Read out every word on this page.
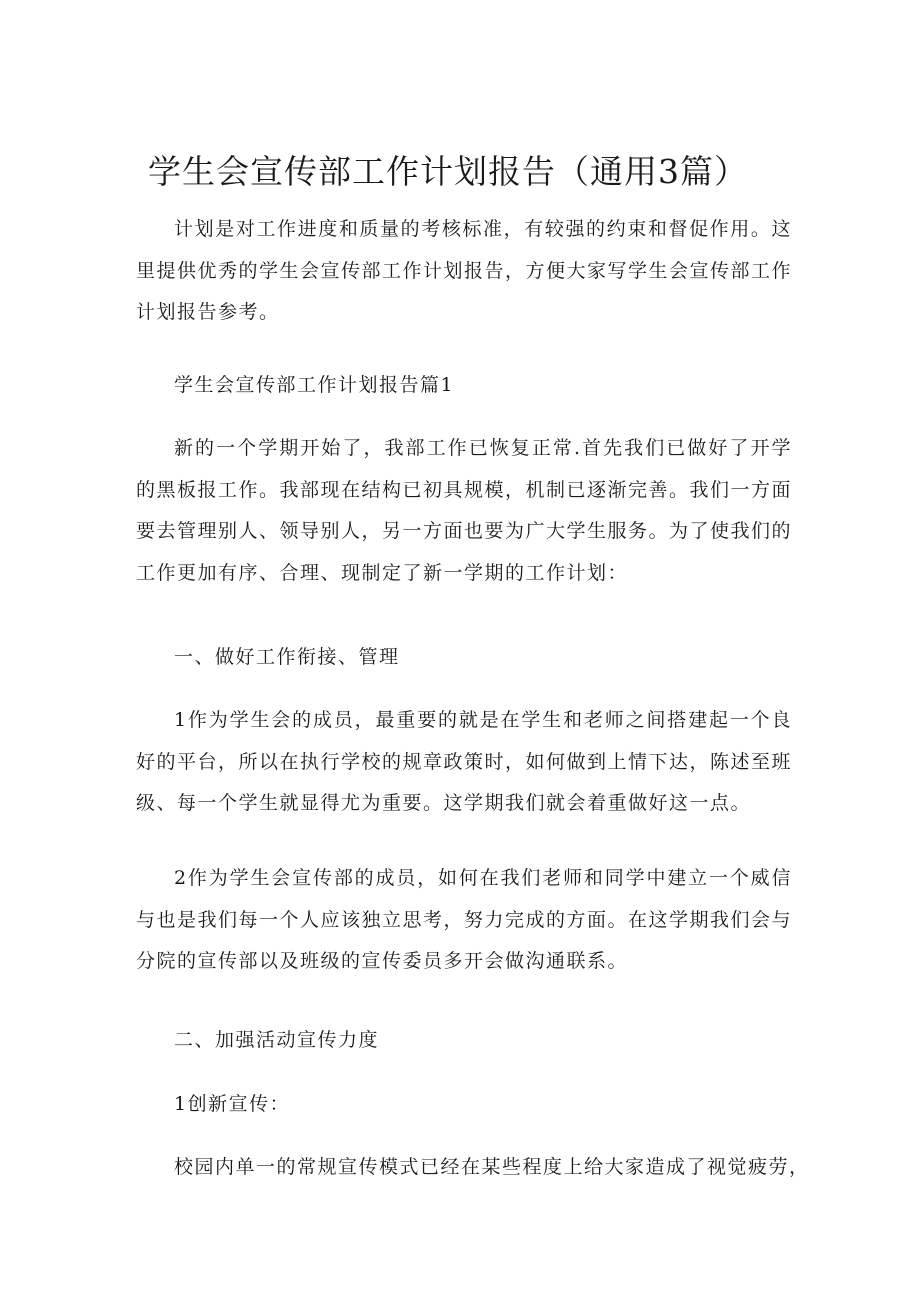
学生会宣传部工作计划报告（通用3篇）

计划是对工作进度和质量的考核标准，有较强的约束和督促作用。这里提供优秀的学生会宣传部工作计划报告，方便大家写学生会宣传部工作计划报告参考。

学生会宣传部工作计划报告篇1

新的一个学期开始了，我部工作已恢复正常.首先我们已做好了开学的黑板报工作。我部现在结构已初具规模，机制已逐渐完善。我们一方面要去管理别人、领导别人，另一方面也要为广大学生服务。为了使我们的工作更加有序、合理、现制定了新一学期的工作计划：

一、做好工作衔接、管理

1作为学生会的成员，最重要的就是在学生和老师之间搭建起一个良好的平台，所以在执行学校的规章政策时，如何做到上情下达，陈述至班级、每一个学生就显得尤为重要。这学期我们就会着重做好这一点。

2作为学生会宣传部的成员，如何在我们老师和同学中建立一个威信与也是我们每一个人应该独立思考，努力完成的方面。在这学期我们会与分院的宣传部以及班级的宣传委员多开会做沟通联系。

二、加强活动宣传力度

1创新宣传：

校园内单一的常规宣传模式已经在某些程度上给大家造成了视觉疲劳，
